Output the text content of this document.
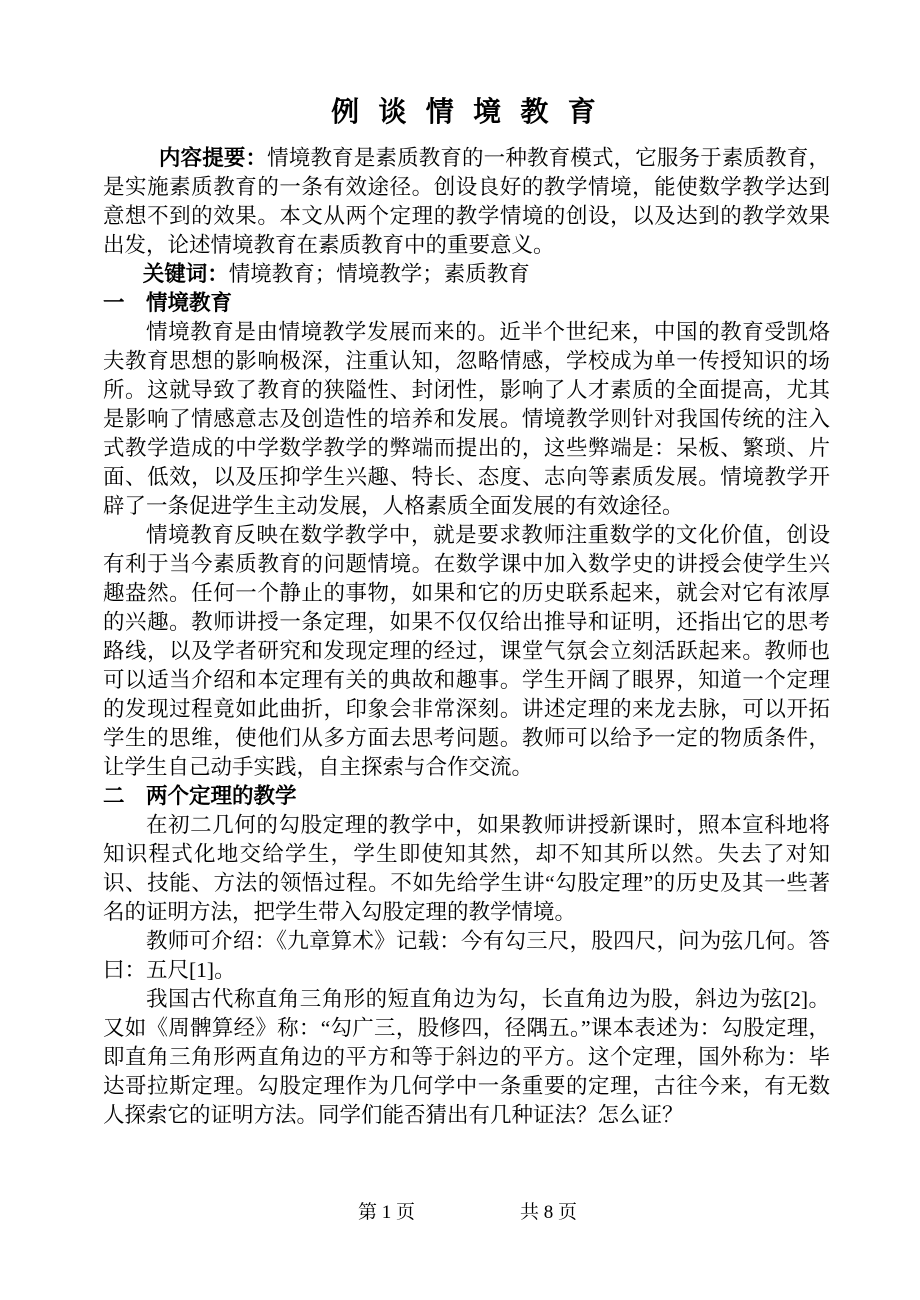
例 谈 情 境 教 育

内容提要：情境教育是素质教育的一种教育模式，它服务于素质教育，是实施素质教育的一条有效途径。创设良好的教学情境，能使数学教学达到意想不到的效果。本文从两个定理的教学情境的创设，以及达到的教学效果出发，论述情境教育在素质教育中的重要意义。

关键词：情境教育；情境教学；素质教育

一　情境教育

情境教育是由情境教学发展而来的。近半个世纪来，中国的教育受凯烙夫教育思想的影响极深，注重认知，忽略情感，学校成为单一传授知识的场所。这就导致了教育的狭隘性、封闭性，影响了人才素质的全面提高，尤其是影响了情感意志及创造性的培养和发展。情境教学则针对我国传统的注入式教学造成的中学数学教学的弊端而提出的，这些弊端是：呆板、繁琐、片面、低效，以及压抑学生兴趣、特长、态度、志向等素质发展。情境教学开辟了一条促进学生主动发展，人格素质全面发展的有效途径。

情境教育反映在数学教学中，就是要求教师注重数学的文化价值，创设有利于当今素质教育的问题情境。在数学课中加入数学史的讲授会使学生兴趣盎然。任何一个静止的事物，如果和它的历史联系起来，就会对它有浓厚的兴趣。教师讲授一条定理，如果不仅仅给出推导和证明，还指出它的思考路线，以及学者研究和发现定理的经过，课堂气氛会立刻活跃起来。教师也可以适当介绍和本定理有关的典故和趣事。学生开阔了眼界，知道一个定理的发现过程竟如此曲折，印象会非常深刻。讲述定理的来龙去脉，可以开拓学生的思维，使他们从多方面去思考问题。教师可以给予一定的物质条件，让学生自己动手实践，自主探索与合作交流。

二　两个定理的教学

在初二几何的勾股定理的教学中，如果教师讲授新课时，照本宣科地将知识程式化地交给学生，学生即使知其然，却不知其所以然。失去了对知识、技能、方法的领悟过程。不如先给学生讲“勾股定理”的历史及其一些著名的证明方法，把学生带入勾股定理的教学情境。

教师可介绍：《九章算术》记载：今有勾三尺，股四尺，问为弦几何。答曰：五尺[1]。

我国古代称直角三角形的短直角边为勾，长直角边为股，斜边为弦[2]。又如《周髀算经》称：“勾广三，股修四，径隅五。”课本表述为：勾股定理，即直角三角形两直角边的平方和等于斜边的平方。这个定理，国外称为：毕达哥拉斯定理。勾股定理作为几何学中一条重要的定理，古往今来，有无数人探索它的证明方法。同学们能否猜出有几种证法？怎么证？

第 1 页	共 8 页
